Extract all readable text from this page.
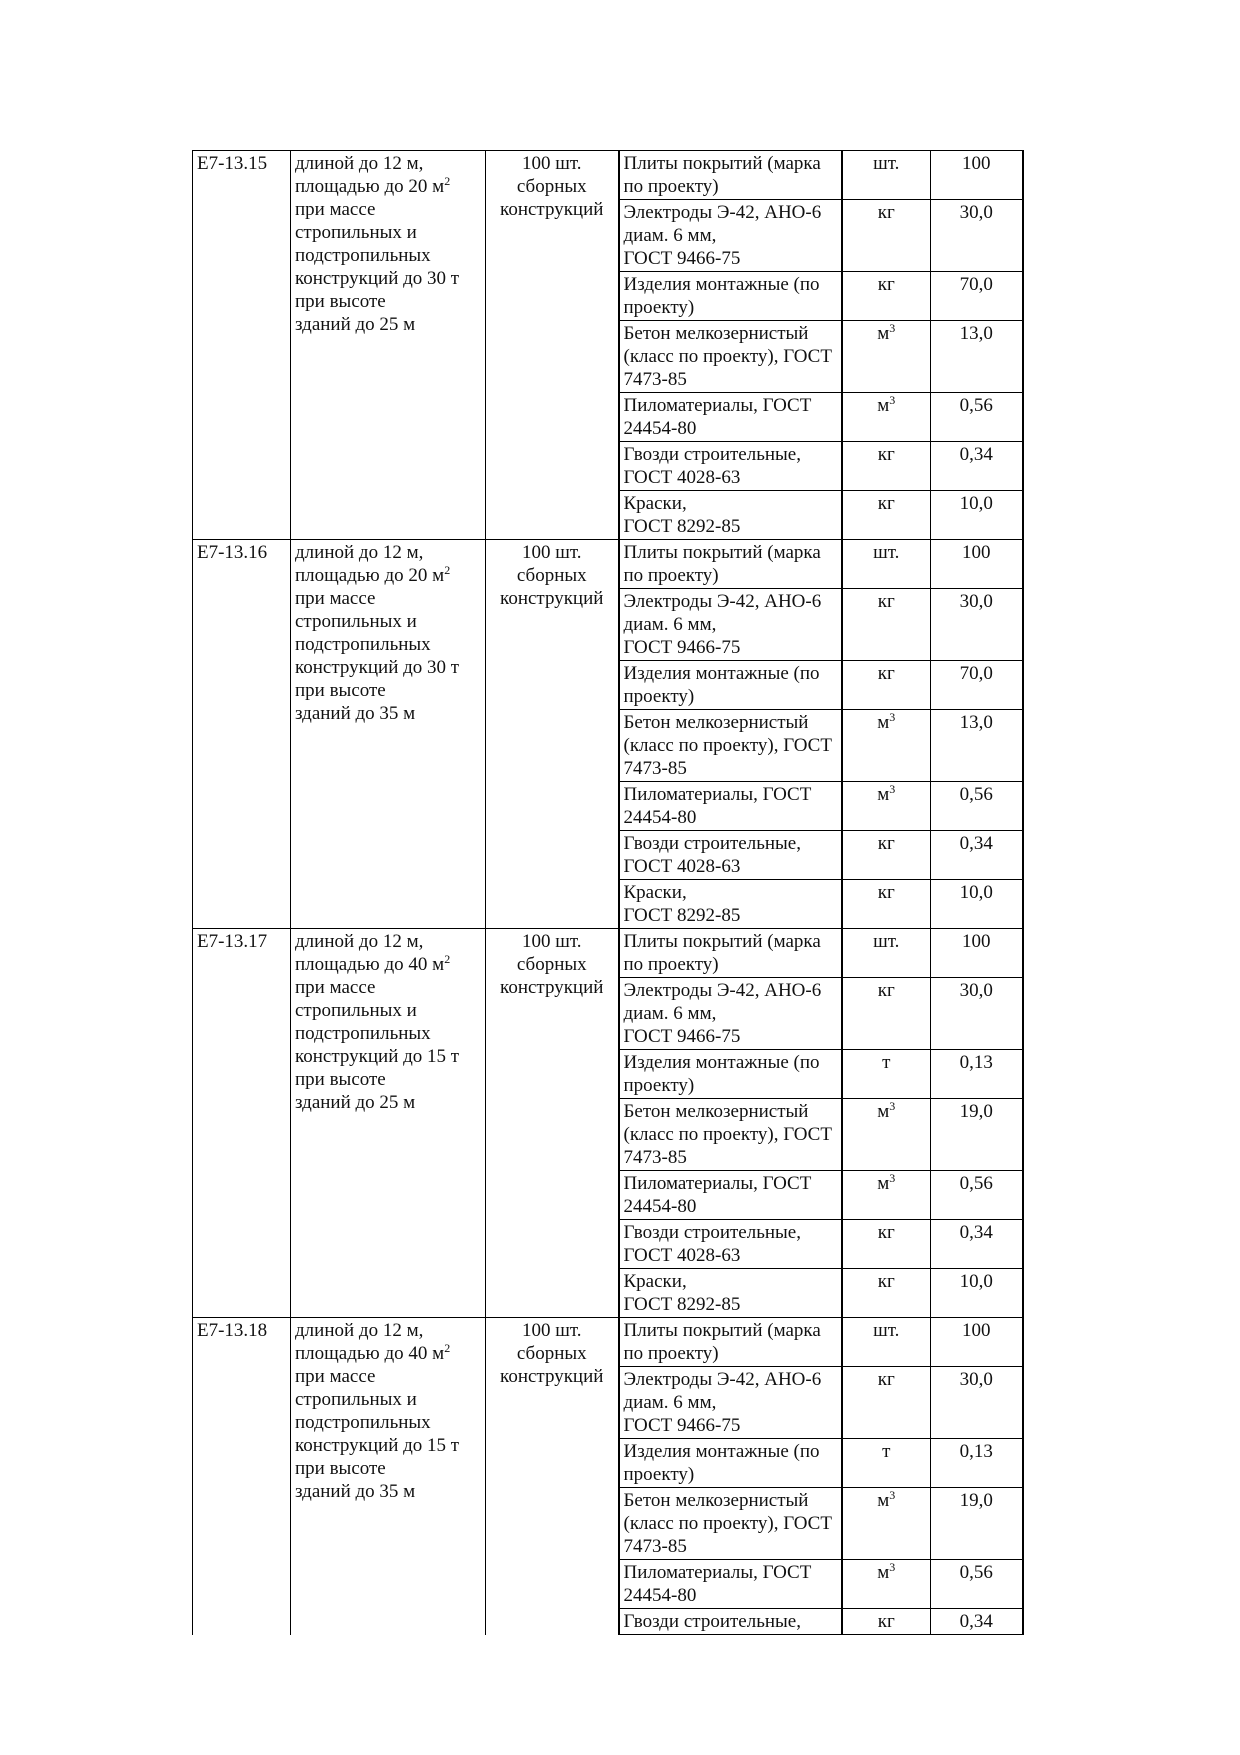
Е7-13.15	длиной до 12 м, площадью до 20 $м^2$ при массе стропильных и подстропильных конструкций до 30 т при высоте
зданий до 25 м	100 шт. сборных конструкций	Плиты покрытий (марка по проекту)	шт.	100
			Электроды Э-42, АНО-6 диам. 6 мм,
ГОСТ 9466-75	кг	30,0
			Изделия монтажные (по проекту)	кг	70,0
			Бетон мелкозернистый (класс по проекту), ГОСТ 7473-85	$м^3$	13,0
			Пиломатериалы, ГОСТ 24454-80	$м^3$	0,56
			Гвозди строительные, ГОСТ 4028-63	кг	0,34
			Краски,
ГОСТ 8292-85	кг	10,0
Е7-13.16	длиной до 12 м, площадью до 20 $м^2$ при массе стропильных и подстропильных конструкций до 30 т при высоте
зданий до 35 м	100 шт. сборных конструкций	Плиты покрытий (марка по проекту)	шт.	100
			Электроды Э-42, АНО-6 диам. 6 мм,
ГОСТ 9466-75	кг	30,0
			Изделия монтажные (по проекту)	кг	70,0
			Бетон мелкозернистый (класс по проекту), ГОСТ 7473-85	$м^3$	13,0
			Пиломатериалы, ГОСТ 24454-80	$м^3$	0,56
			Гвозди строительные, ГОСТ 4028-63	кг	0,34
			Краски,
ГОСТ 8292-85	кг	10,0
Е7-13.17	длиной до 12 м, площадью до 40 $м^2$ при массе стропильных и подстропильных конструкций до 15 т при высоте
зданий до 25 м	100 шт. сборных конструкций	Плиты покрытий (марка по проекту)	шт.	100
			Электроды Э-42, АНО-6 диам. 6 мм,
ГОСТ 9466-75	кг	30,0
			Изделия монтажные (по проекту)	т	0,13
			Бетон мелкозернистый (класс по проекту), ГОСТ 7473-85	$м^3$	19,0
			Пиломатериалы, ГОСТ 24454-80	$м^3$	0,56
			Гвозди строительные, ГОСТ 4028-63	кг	0,34
			Краски,
ГОСТ 8292-85	кг	10,0
Е7-13.18	длиной до 12 м, площадью до 40 $м^2$ при массе стропильных и подстропильных конструкций до 15 т при высоте
зданий до 35 м	100 шт. сборных конструкций	Плиты покрытий (марка по проекту)	шт.	100
			Электроды Э-42, АНО-6 диам. 6 мм,
ГОСТ 9466-75	кг	30,0
			Изделия монтажные (по проекту)	т	0,13
			Бетон мелкозернистый (класс по проекту), ГОСТ 7473-85	$м^3$	19,0
			Пиломатериалы, ГОСТ 24454-80	$м^3$	0,56
			Гвозди строительные,	кг	0,34
